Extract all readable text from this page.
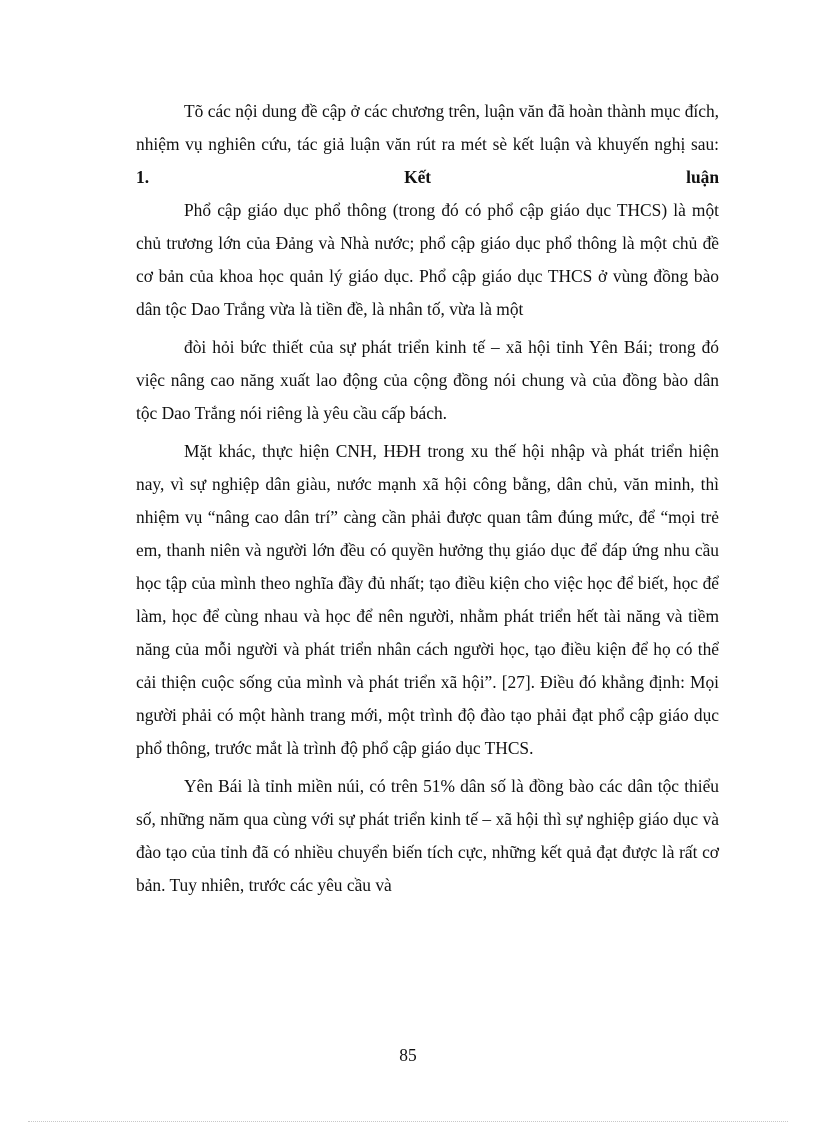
Tõ các nội dung đề cập ở các chương trên, luận văn đã hoàn thành mục đích, nhiệm vụ nghiên cứu, tác giả luận văn rút ra mét sè kết luận và khuyến nghị sau:

1. Kết luận

Phổ cập giáo dục phổ thông (trong đó có phổ cập giáo dục THCS) là một chủ trương lớn của Đảng và Nhà nước; phổ cập giáo dục phổ thông là một chủ đề cơ bản của khoa học quản lý giáo dục. Phổ cập giáo dục THCS ở vùng đồng bào dân tộc Dao Trắng vừa là tiền đề, là nhân tố, vừa là một

đòi hỏi bức thiết của sự phát triển kinh tế – xã hội tỉnh Yên Bái; trong đó việc nâng cao năng xuất lao động của cộng đồng nói chung và của đồng bào dân tộc Dao Trắng nói riêng là yêu cầu cấp bách.

Mặt khác, thực hiện CNH, HĐH trong xu thế hội nhập và phát triển hiện nay, vì sự nghiệp dân giàu, nước mạnh xã hội công bằng, dân chủ, văn minh, thì nhiệm vụ “nâng cao dân trí” càng cần phải được quan tâm đúng mức, để “mọi trẻ em, thanh niên và người lớn đều có quyền hưởng thụ giáo dục để đáp ứng nhu cầu học tập của mình theo nghĩa đầy đủ nhất; tạo điều kiện cho việc học để biết, học để làm, học để cùng nhau và học để nên người, nhằm phát triển hết tài năng và tiềm năng của mỗi người và phát triển nhân cách người học, tạo điều kiện để họ có thể cải thiện cuộc sống của mình và phát triển xã hội”. [27]. Điều đó khẳng định: Mọi người phải có một hành trang mới, một trình độ đào tạo phải đạt phổ cập giáo dục phổ thông, trước mắt là trình độ phổ cập giáo dục THCS.

Yên Bái là tỉnh miền núi, có trên 51% dân số là đồng bào các dân tộc thiểu số, những năm qua cùng với sự phát triển kinh tế – xã hội thì sự nghiệp giáo dục và đào tạo của tỉnh đã có nhiều chuyển biến tích cực, những kết quả đạt được là rất cơ bản. Tuy nhiên, trước các yêu cầu và

85
